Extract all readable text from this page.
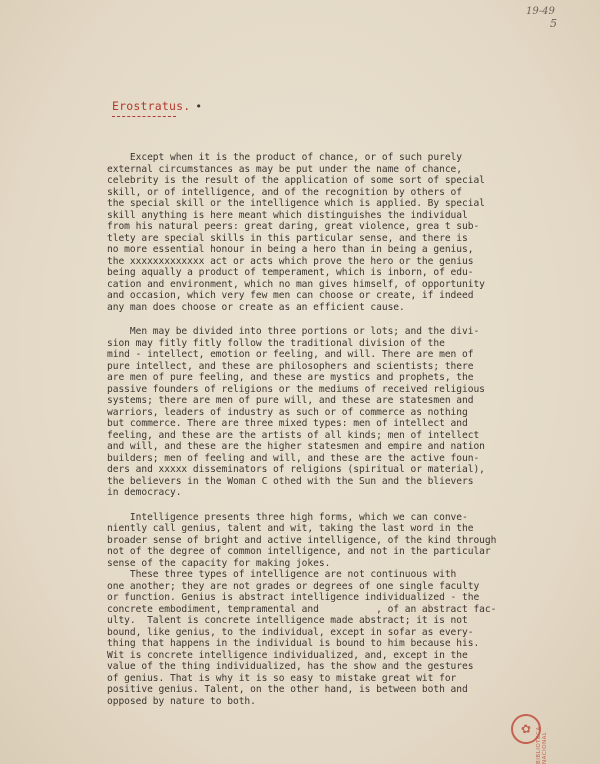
19-49
5
Erostratus. •
Except when it is the product of chance, or of such purely
external circumstances as may be put under the name of chance,
celebrity is the result of the application of some sort of special
skill, or of intelligence, and of the recognition by others of
the special skill or the intelligence which is applied. By special
skill anything is here meant which distinguishes the individual
from his natural peers: great daring, great violence, grea t sub-
tlety are special skills in this particular sense, and there is
no more essential honour in being a hero than in being a genius,
the xxxxxxxxxxxxx act or acts which prove the hero or the genius
being aqually a product of temperament, which is inborn, of edu-
cation and environment, which no man gives himself, of opportunity
and occasion, which very few men can choose or create, if indeed
any man does choose or create as an efficient cause.
Men may be divided into three portions or lots; and the divi-
sion may fitly fitly follow the traditional division of the
mind - intellect, emotion or feeling, and will. There are men of
pure intellect, and these are philosophers and scientists; there
are men of pure feeling, and these are mystics and prophets, the
passive founders of religions or the mediums of received religious
systems; there are men of pure will, and these are statesmen and
warriors, leaders of industry as such or of commerce as nothing
but commerce. There are three mixed types: men of intellect and
feeling, and these are the artists of all kinds; men of intellect
and will, and these are the higher statesmen and empire and nation
builders; men of feeling and will, and these are the active foun-
ders and xxxxx disseminators of religions (spiritual or material),
the believers in the Woman C othed with the Sun and the blievers
in democracy.
Intelligence presents three high forms, which we can conve-
niently call genius, talent and wit, taking the last word in the
broader sense of bright and active intelligence, of the kind through
not of the degree of common intelligence, and not in the particular
sense of the capacity for making jokes.
These three types of intelligence are not continuous with
one another; they are not grades or degrees of one single faculty
or function. Genius is abstract intelligence individualized - the
concrete embodiment, tempramental and          , of an abstract fac-
ulty.  Talent is concrete intelligence made abstract; it is not
bound, like genius, to the individual, except in sofar as every-
thing that happens in the individual is bound to him because his.
Wit is concrete intelligence individualized, and, except in the
value of the thing individualized, has the show and the gestures
of genius. That is why it is so easy to mistake great wit for
positive genius. Talent, on the other hand, is between both and
opposed by nature to both.
✿ BIBLIOTECA NACIONAL
